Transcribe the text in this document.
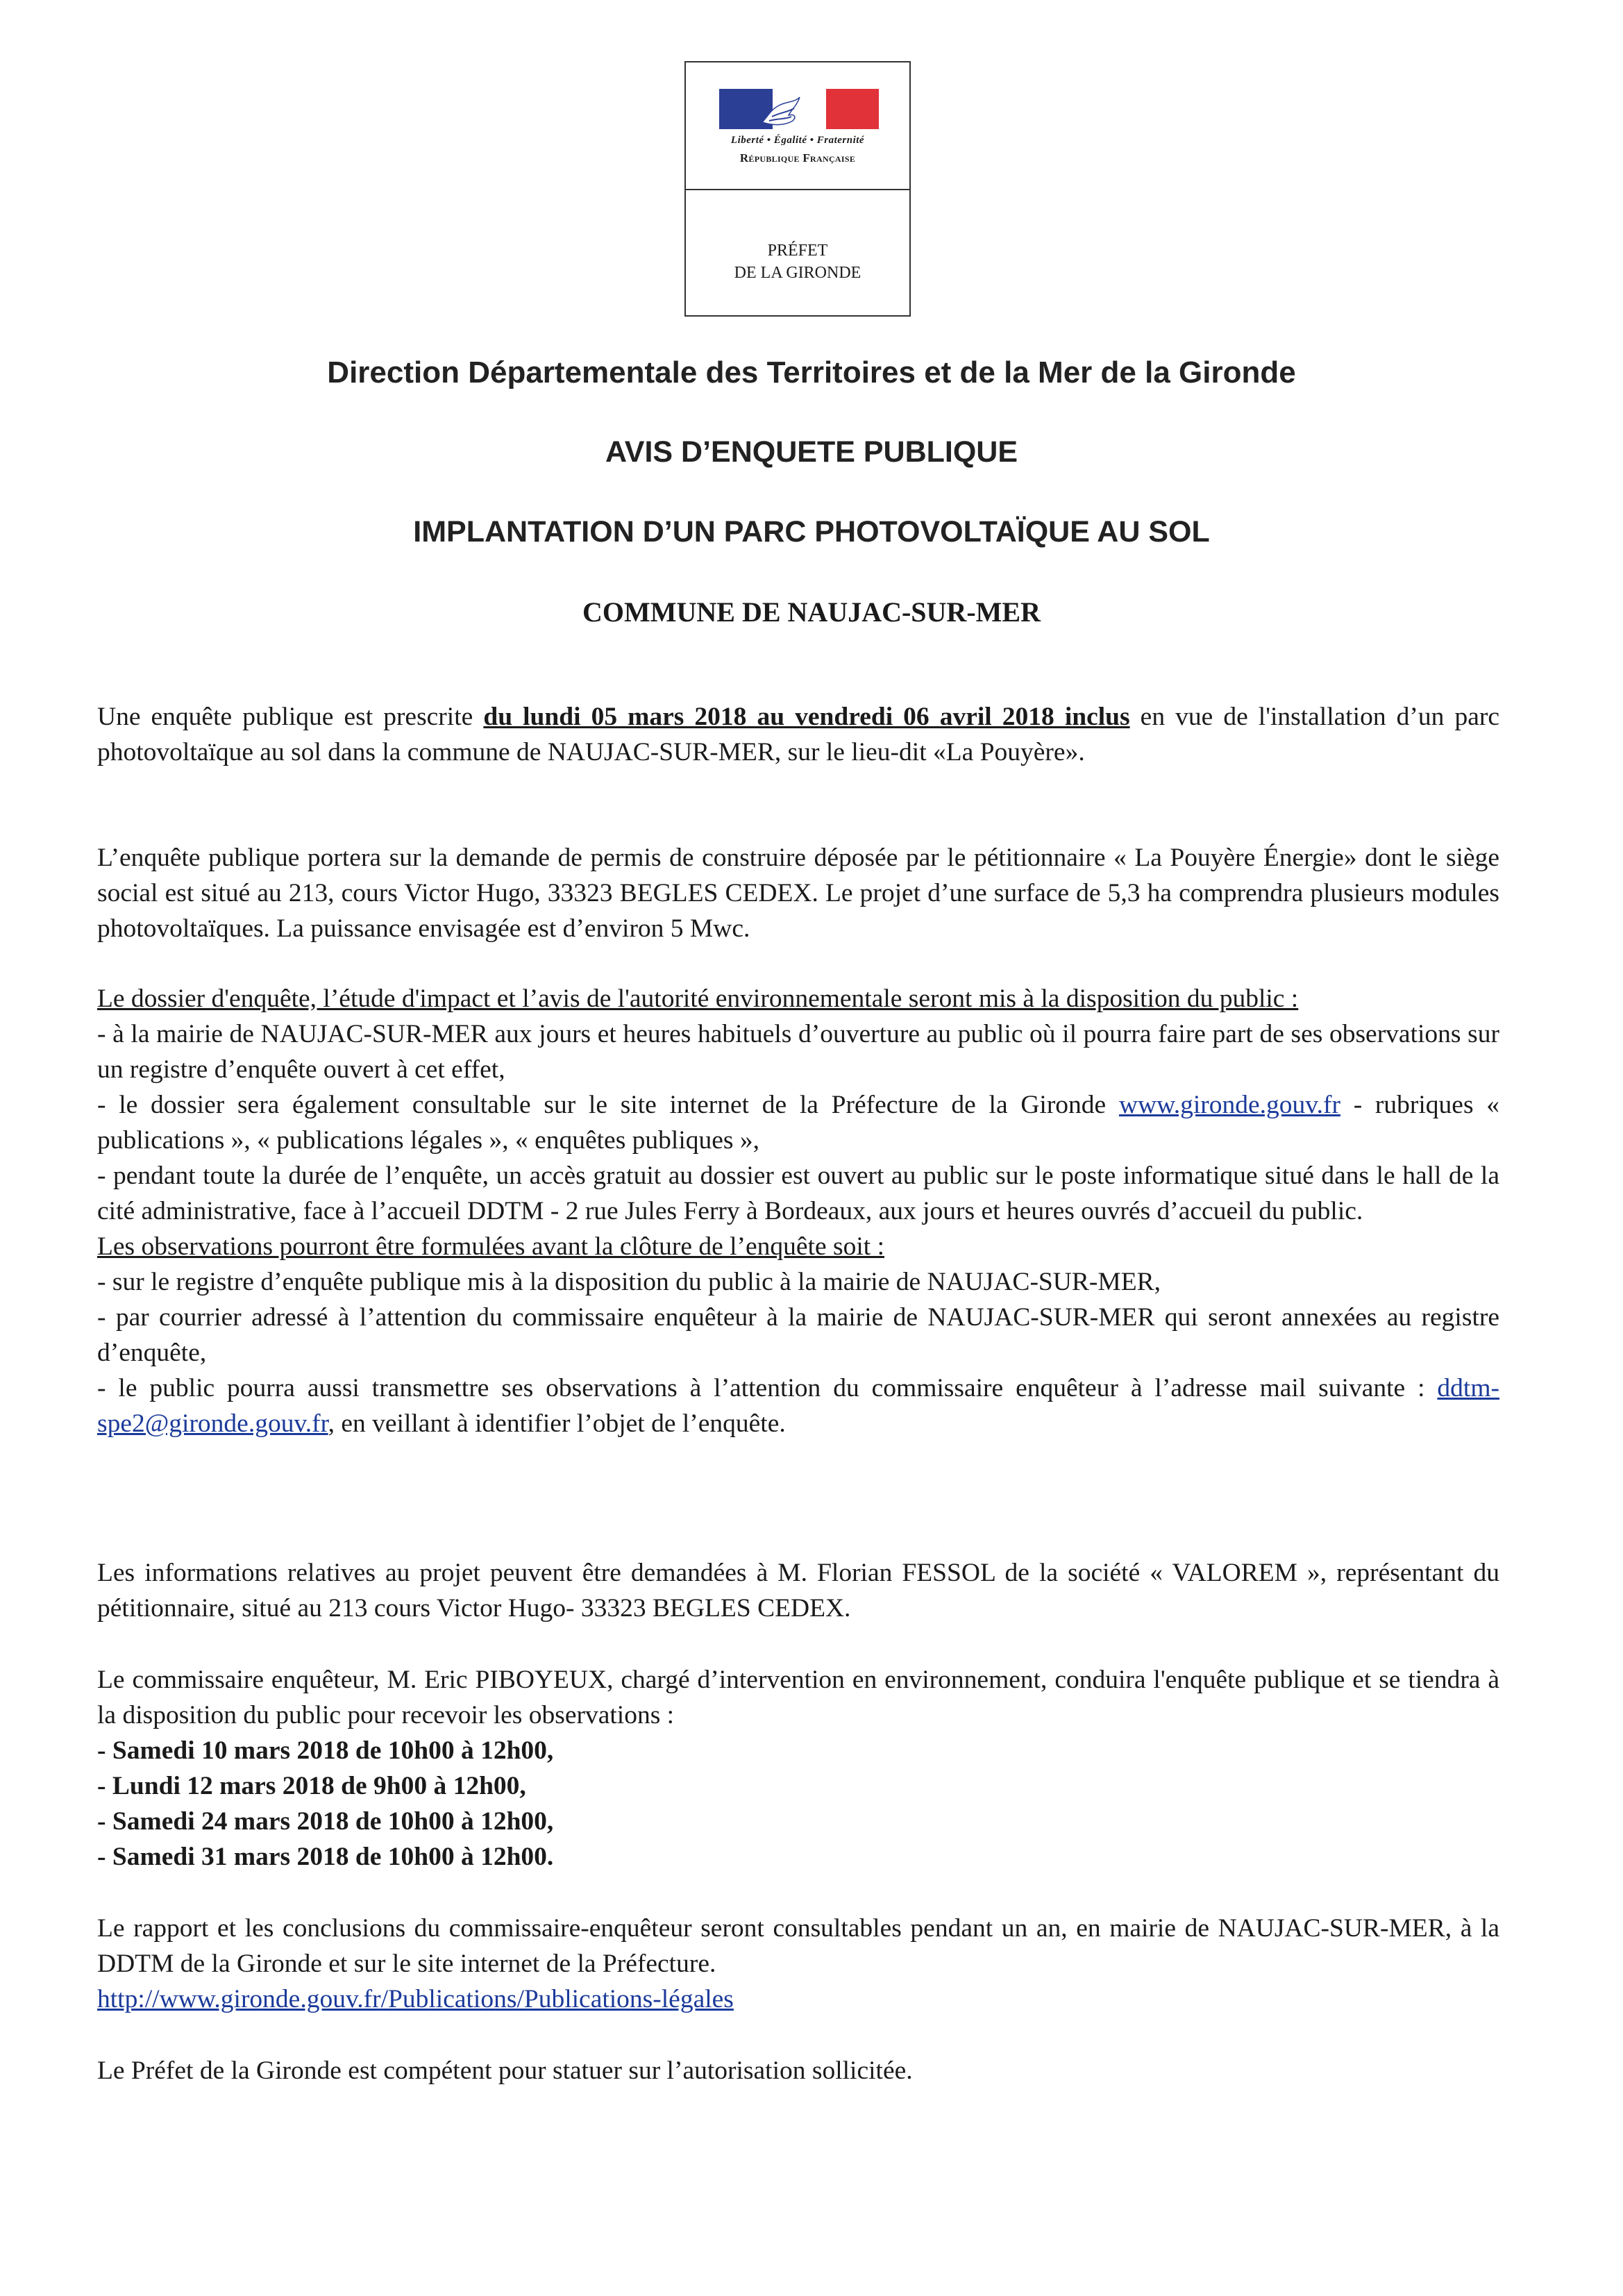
Liberté • Égalité • Fraternité
République Française
PRÉFET
DE LA GIRONDE
Direction Départementale des Territoires et de la Mer de la Gironde
AVIS D’ENQUETE PUBLIQUE
IMPLANTATION D’UN PARC PHOTOVOLTAÏQUE AU SOL
COMMUNE DE NAUJAC-SUR-MER
Une enquête publique est prescrite du lundi 05 mars 2018 au vendredi 06 avril 2018 inclus en vue de l'installation d’un parc photovoltaïque au sol dans la commune de NAUJAC-SUR-MER, sur le lieu-dit «La Pouyère».
L’enquête publique portera sur la demande de permis de construire déposée par le pétitionnaire « La Pouyère Énergie» dont le siège social est situé au 213, cours Victor Hugo, 33323 BEGLES CEDEX. Le projet d’une surface de 5,3 ha comprendra plusieurs modules photovoltaïques. La puissance envisagée est d’environ 5 Mwc.
Le dossier d'enquête, l’étude d'impact et l’avis de l'autorité environnementale seront mis à la disposition du public :
- à la mairie de NAUJAC-SUR-MER aux jours et heures habituels d’ouverture au public où il pourra faire part de ses observations sur un registre d’enquête ouvert à cet effet,
- le dossier sera également consultable sur le site internet de la Préfecture de la Gironde www.gironde.gouv.fr - rubriques « publications », « publications légales », « enquêtes publiques »,
- pendant toute la durée de l’enquête, un accès gratuit au dossier est ouvert au public sur le poste informatique situé dans le hall de la cité administrative, face à l’accueil DDTM - 2 rue Jules Ferry à Bordeaux, aux jours et heures ouvrés d’accueil du public.
Les observations pourront être formulées avant la clôture de l’enquête soit :
- sur le registre d’enquête publique mis à la disposition du public à la mairie de NAUJAC-SUR-MER,
- par courrier adressé à l’attention du commissaire enquêteur à la mairie de NAUJAC-SUR-MER qui seront annexées au registre d’enquête,
- le public pourra aussi transmettre ses observations à l’attention du commissaire enquêteur à l’adresse mail suivante : ddtm-spe2@gironde.gouv.fr, en veillant à identifier l’objet de l’enquête.
Les informations relatives au projet peuvent être demandées à M. Florian FESSOL de la société « VALOREM », représentant du pétitionnaire, situé au 213 cours Victor Hugo- 33323 BEGLES CEDEX.
Le commissaire enquêteur, M. Eric PIBOYEUX, chargé d’intervention en environnement, conduira l'enquête publique et se tiendra à la disposition du public pour recevoir les observations :
- Samedi 10 mars 2018 de 10h00 à 12h00,
- Lundi 12 mars 2018 de 9h00 à 12h00,
- Samedi 24 mars 2018 de 10h00 à 12h00,
- Samedi 31 mars 2018 de 10h00 à 12h00.
Le rapport et les conclusions du commissaire-enquêteur seront consultables pendant un an, en mairie de NAUJAC-SUR-MER, à la DDTM de la Gironde et sur le site internet de la Préfecture.
http://www.gironde.gouv.fr/Publications/Publications-légales
Le Préfet de la Gironde est compétent pour statuer sur l’autorisation sollicitée.
